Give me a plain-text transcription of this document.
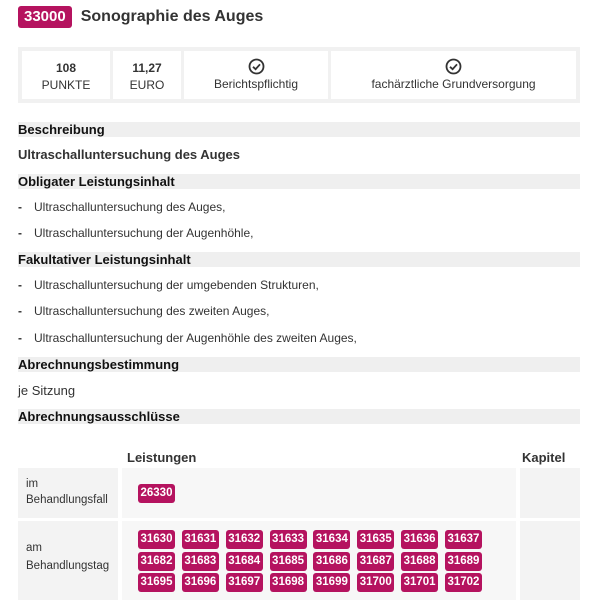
33000 Sonographie des Auges
108
PUNKTE
11,27
EURO	Berichtspflichtig	fachärztliche Grundversorgung
Beschreibung
Ultraschalluntersuchung des Auges
Obligater Leistungsinhalt
- Ultraschalluntersuchung des Auges,
- Ultraschalluntersuchung der Augenhöhle,
Fakultativer Leistungsinhalt
- Ultraschalluntersuchung der umgebenden Strukturen,
- Ultraschalluntersuchung des zweiten Auges,
- Ultraschalluntersuchung der Augenhöhle des zweiten Auges,
Abrechnungsbestimmung
je Sitzung
Abrechnungsausschlüsse
Leistungen	Kapitel
im
Behandlungsfall
26330
am
Behandlungstag
31630 31631 31632 31633 31634 31635 31636 31637
31682 31683 31684 31685 31686 31687 31688 31689
31695 31696 31697 31698 31699 31700 31701 31702
